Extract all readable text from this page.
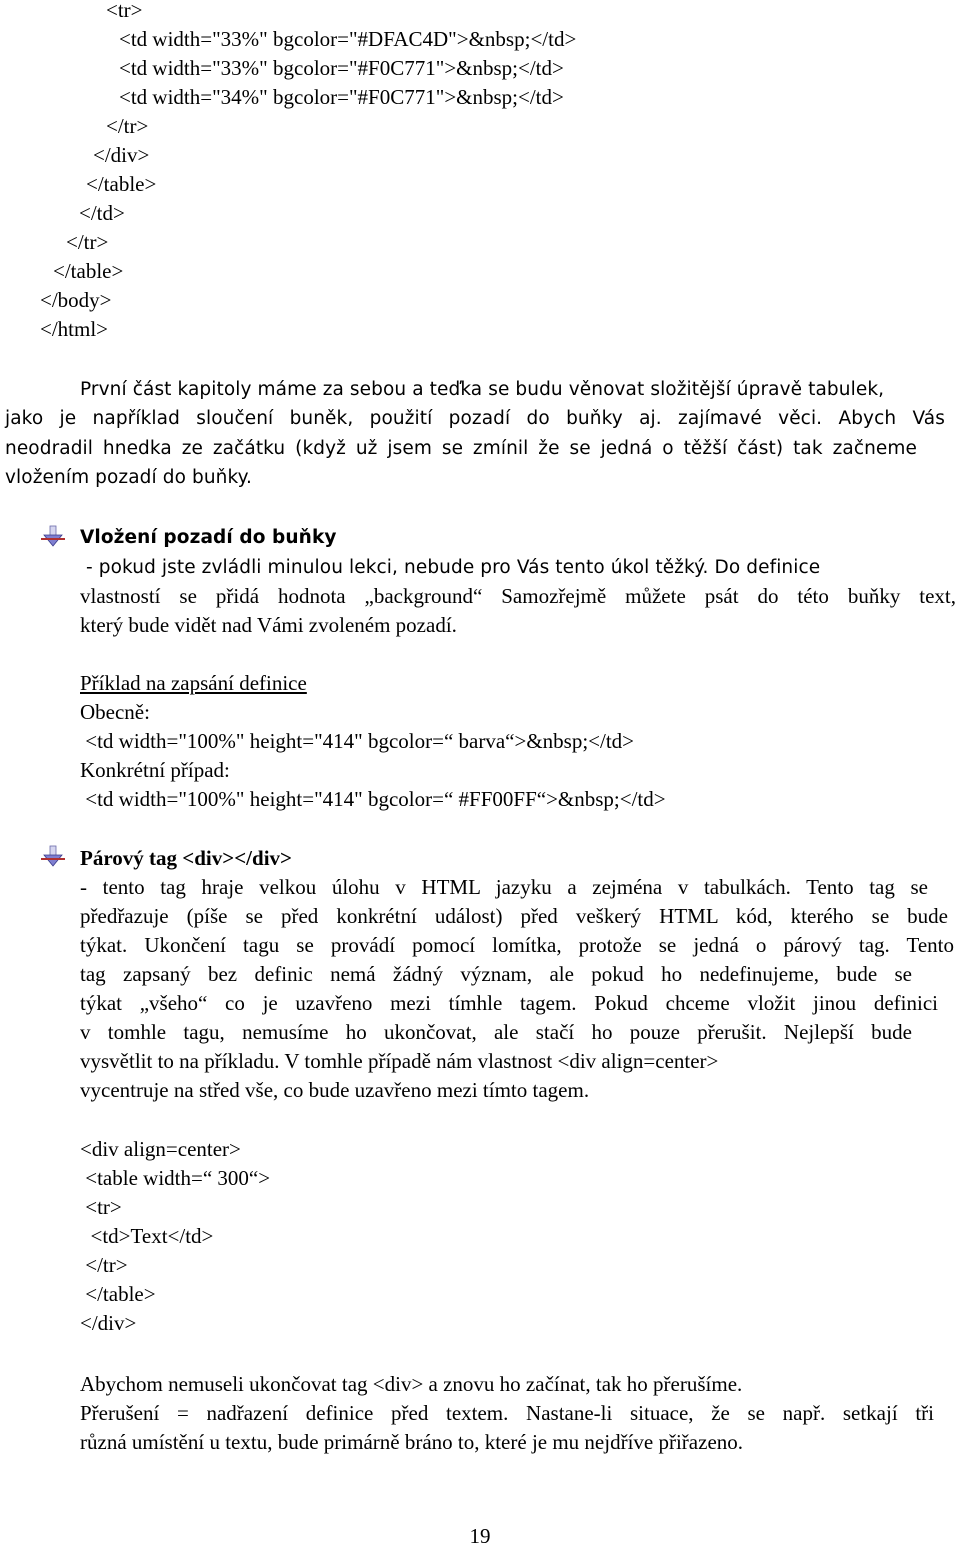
<tr>
<td width="33%" bgcolor="#DFAC4D">&nbsp;</td>
<td width="33%" bgcolor="#F0C771">&nbsp;</td>
<td width="34%" bgcolor="#F0C771">&nbsp;</td>
</tr>
</div>
</table>
</td>
</tr>
</table>
</body>
</html>
První část kapitoly máme za sebou a teďka se budu věnovat složitější úpravě tabulek,
jako je například sloučení buněk, použití pozadí do buňky aj. zajímavé věci. Abych Vás
neodradil hnedka ze začátku (když už jsem se zmínil že se jedná o těžší část) tak začneme
vložením pozadí do buňky.
Vložení pozadí do buňky
- pokud jste zvládli minulou lekci, nebude pro Vás tento úkol těžký. Do definice
vlastností se přidá hodnota „background“ Samozřejmě můžete psát do této buňky text,
který bude vidět nad Vámi zvoleném pozadí.
Příklad na zapsání definice
Obecně:
<td width="100%" height="414" bgcolor=“ barva“>&nbsp;</td>
Konkrétní případ:
<td width="100%" height="414" bgcolor=“ #FF00FF“>&nbsp;</td>
Párový tag <div></div>
- tento tag hraje velkou úlohu v HTML jazyku a zejména v tabulkách. Tento tag se
předřazuje (píše se před konkrétní událost) před veškerý HTML kód, kterého se bude
týkat. Ukončení tagu se provádí pomocí lomítka, protože se jedná o párový tag. Tento
tag zapsaný bez definic nemá žádný význam, ale pokud ho nedefinujeme, bude se
týkat „všeho“ co je uzavřeno mezi tímhle tagem. Pokud chceme vložit jinou definici
v tomhle tagu, nemusíme ho ukončovat, ale stačí ho pouze přerušit. Nejlepší bude
vysvětlit to na příkladu. V tomhle případě nám vlastnost <div align=center>
vycentruje na střed vše, co bude uzavřeno mezi tímto tagem.
<div align=center>
<table width=“ 300“>
<tr>
<td>Text</td>
</tr>
</table>
</div>
Abychom nemuseli ukončovat tag <div> a znovu ho začínat, tak ho přerušíme.
Přerušení = nadřazení definice před textem. Nastane-li situace, že se např. setkají tři
různá umístění u textu, bude primárně bráno to, které je mu nejdříve přiřazeno.
19
